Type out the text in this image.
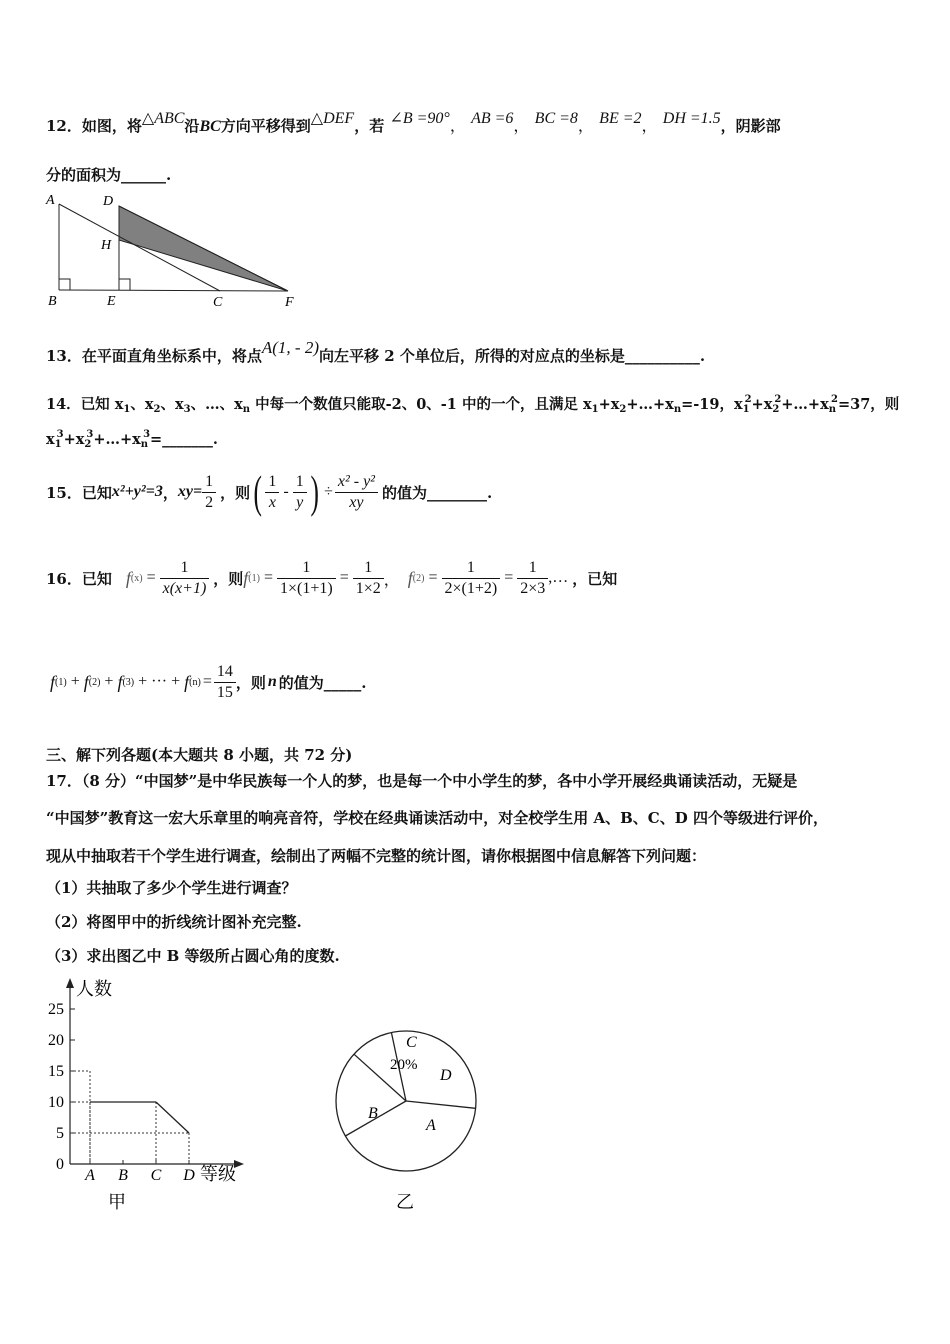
12．如图，将△ABC沿BC方向平移得到△DEF，若 ∠B =90°， AB =6， BC =8， BE =2， DH =1.5，阴影部
分的面积为______.
A	D
H
B	E	C	F
13．在平面直角坐标系中，将点A(1, - 2)向左平移 2 个单位后，所得的对应点的坐标是__________.
14．已知 $x_1$、$x_2$、$x_3$、…、$x_n$ 中每一个数值只能取-2、0、-1 中的一个，且满足 $x_1+x_2+\dots+x_n=-19$，$x_1^2+x_2^2+\dots+x_n^2=37$，则
$x_1^3+x_2^3+\dots+x_n^3=\_\_\_\_\_\_\_$.
15． 已知 x²+y²=3 ， $xy= \frac{1}{2}$ ，则 ( $\frac{1}{x} - \frac{1}{y}$ ) ÷ $\frac{\text{x² - y²}}{xy}$ 的值为________.
16． 已知 f $(x) = \frac{1}{x(x+1)}$ ，则 f $(1) = \frac{1}{1\times(1+1)} = \frac{1}{1\times 2}$ ， f $(2) = \frac{1}{2\times(1+2)} = \frac{1}{2\times 3}$ ,… ，已知
f (1) + f (2) + f (3) + ··· + f $(n) = \frac{14}{15}$ ，则 n 的值为_____.
三、解下列各题(本大题共 8 小题，共 72 分)
17．（8 分）“中国梦”是中华民族每一个人的梦，也是每一个中小学生的梦，各中小学开展经典诵读活动，无疑是
“中国梦”教育这一宏大乐章里的响亮音符，学校在经典诵读活动中，对全校学生用 A、B、C、D 四个等级进行评价，
现从中抽取若干个学生进行调查，绘制出了两幅不完整的统计图，请你根据图中信息解答下列问题：
（1）共抽取了多少个学生进行调查？
（2）将图甲中的折线统计图补充完整.
（3）求出图乙中 B 等级所占圆心角的度数.
人数
等级
甲
0
5
10
15
20
25
A B C D
C
20%
D
A
B
乙
